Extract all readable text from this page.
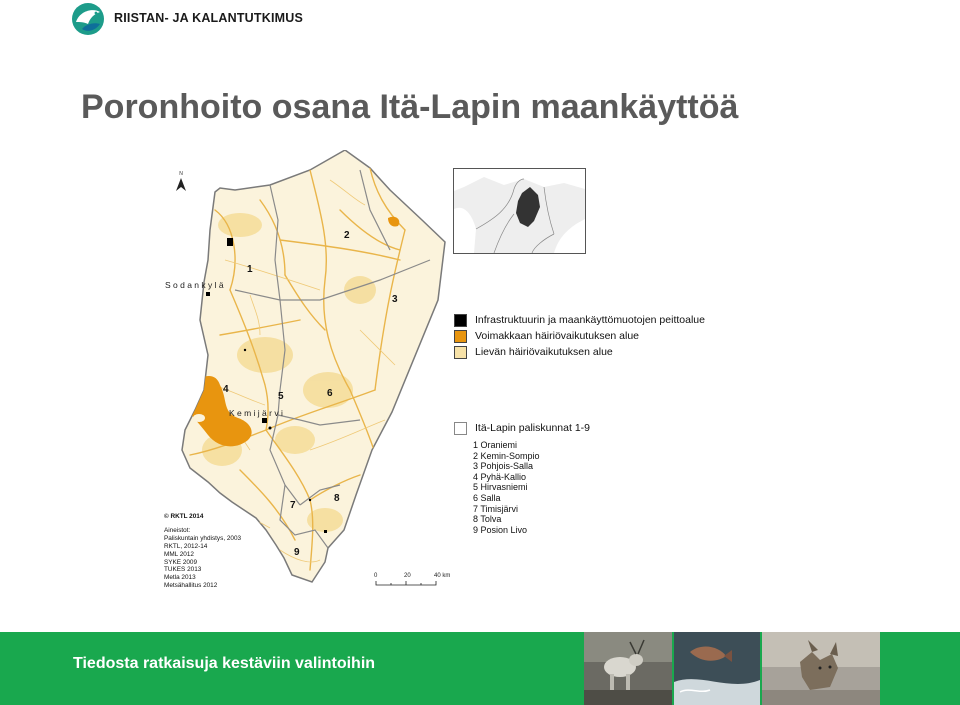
RIISTAN- JA KALANTUTKIMUS
Poronhoito osana Itä-Lapin maankäyttöä
N
S o d a n k y l ä
K e m i j ä r v i
1
2
3
4
5	6
7
8
9
Infrastruktuurin ja maankäyttömuotojen peittoalue
Voimakkaan häiriövaikutuksen alue
Lievän häiriövaikutuksen alue
Itä-Lapin paliskunnat 1-9
1 Oraniemi
2 Kemin-Sompio
3 Pohjois-Salla
4 Pyhä-Kallio
5 Hirvasniemi
6 Salla
7 Timisjärvi
8 Tolva
9 Posion Livo
© RKTL 2014
Aineistot:
Paliskuntain yhdistys, 2003
RKTL, 2012-14
MML 2012
SYKE 2009
TUKES 2013
Metla 2013
Metsähallitus 2012
0	20	40 km
Tiedosta ratkaisuja kestäviin valintoihin
